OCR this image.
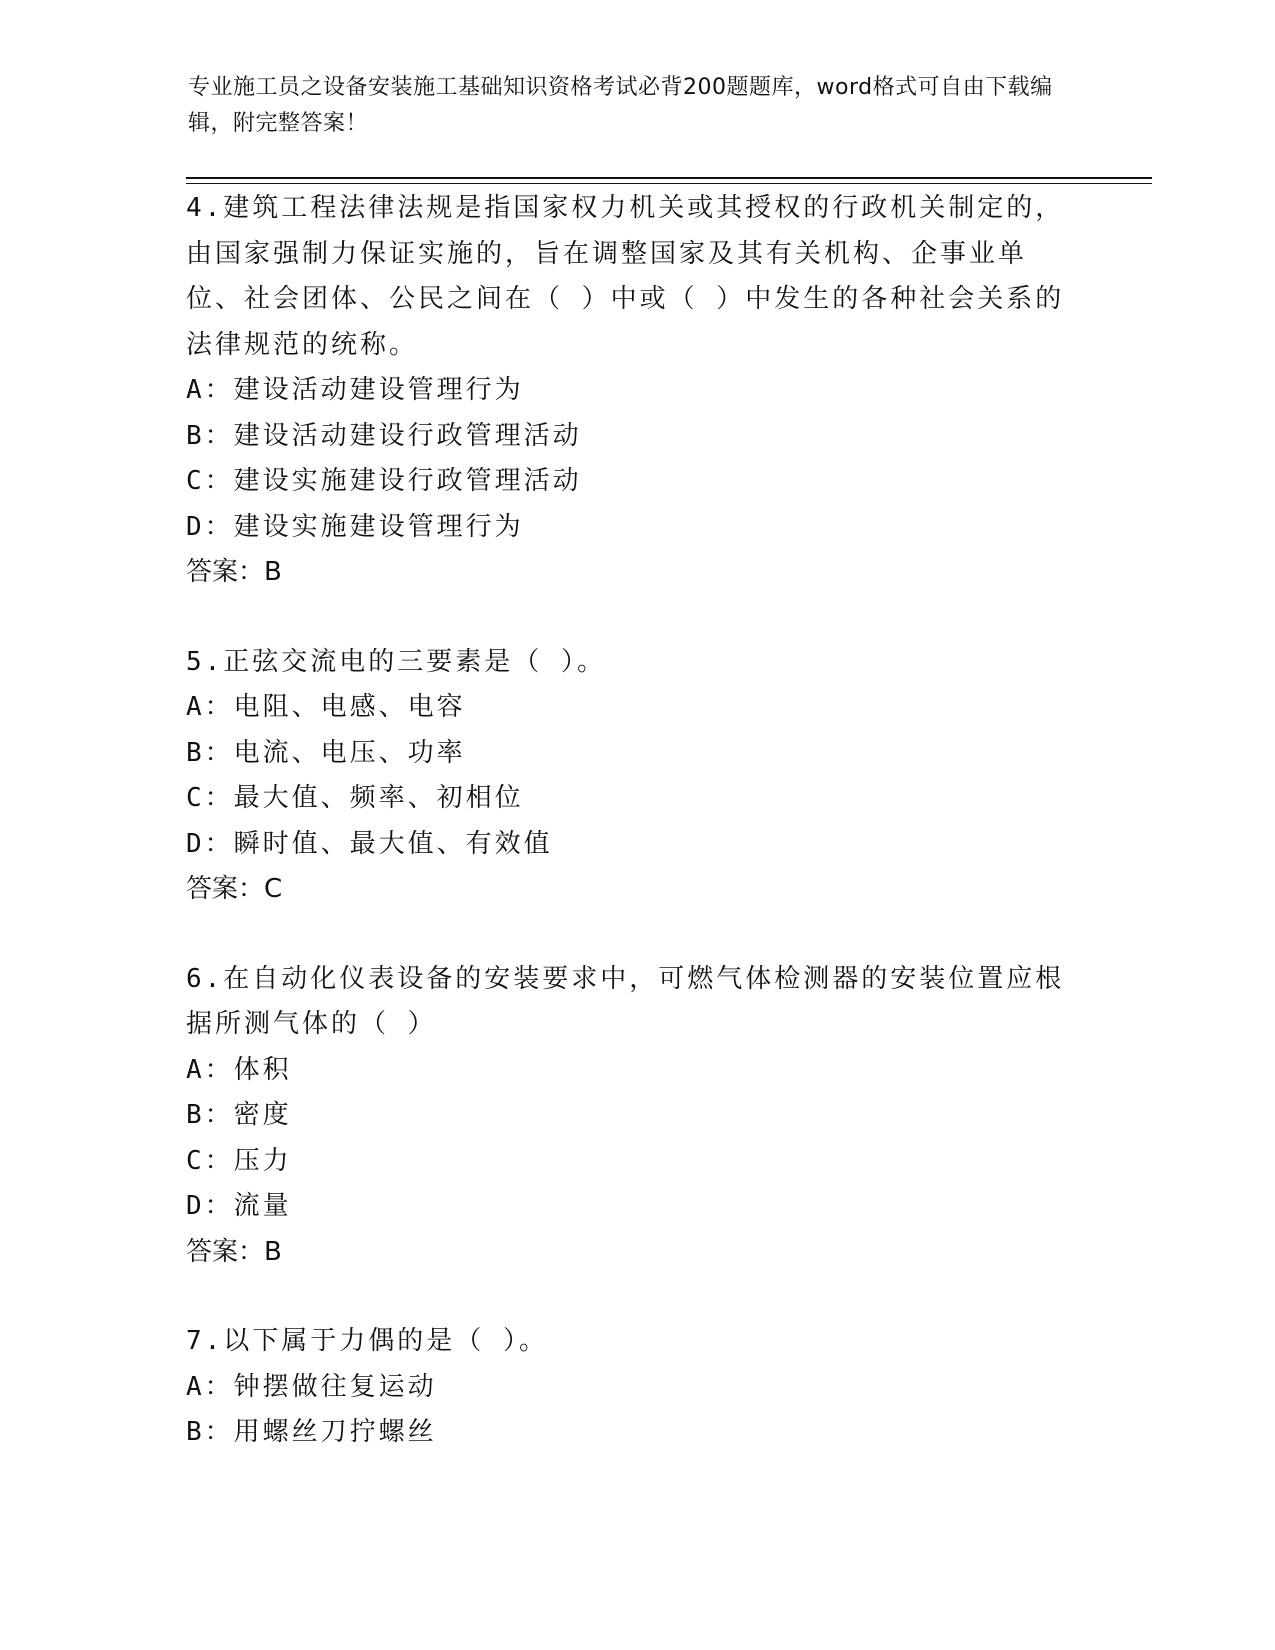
专业施工员之设备安装施工基础知识资格考试必背200题题库，word格式可自由下载编辑，附完整答案！

4.建筑工程法律法规是指国家权力机关或其授权的行政机关制定的，由国家强制力保证实施的，旨在调整国家及其有关机构、企事业单位、社会团体、公民之间在（ ）中或（ ）中发生的各种社会关系的法律规范的统称。

A：建设活动建设管理行为

B：建设活动建设行政管理活动

C：建设实施建设行政管理活动

D：建设实施建设管理行为

答案：B

5.正弦交流电的三要素是（ ）。

A：电阻、电感、电容

B：电流、电压、功率

C：最大值、频率、初相位

D：瞬时值、最大值、有效值

答案：C

6.在自动化仪表设备的安装要求中，可燃气体检测器的安装位置应根据所测气体的（ ）

A：体积

B：密度

C：压力

D：流量

答案：B

7.以下属于力偶的是（ ）。

A：钟摆做往复运动

B：用螺丝刀拧螺丝
